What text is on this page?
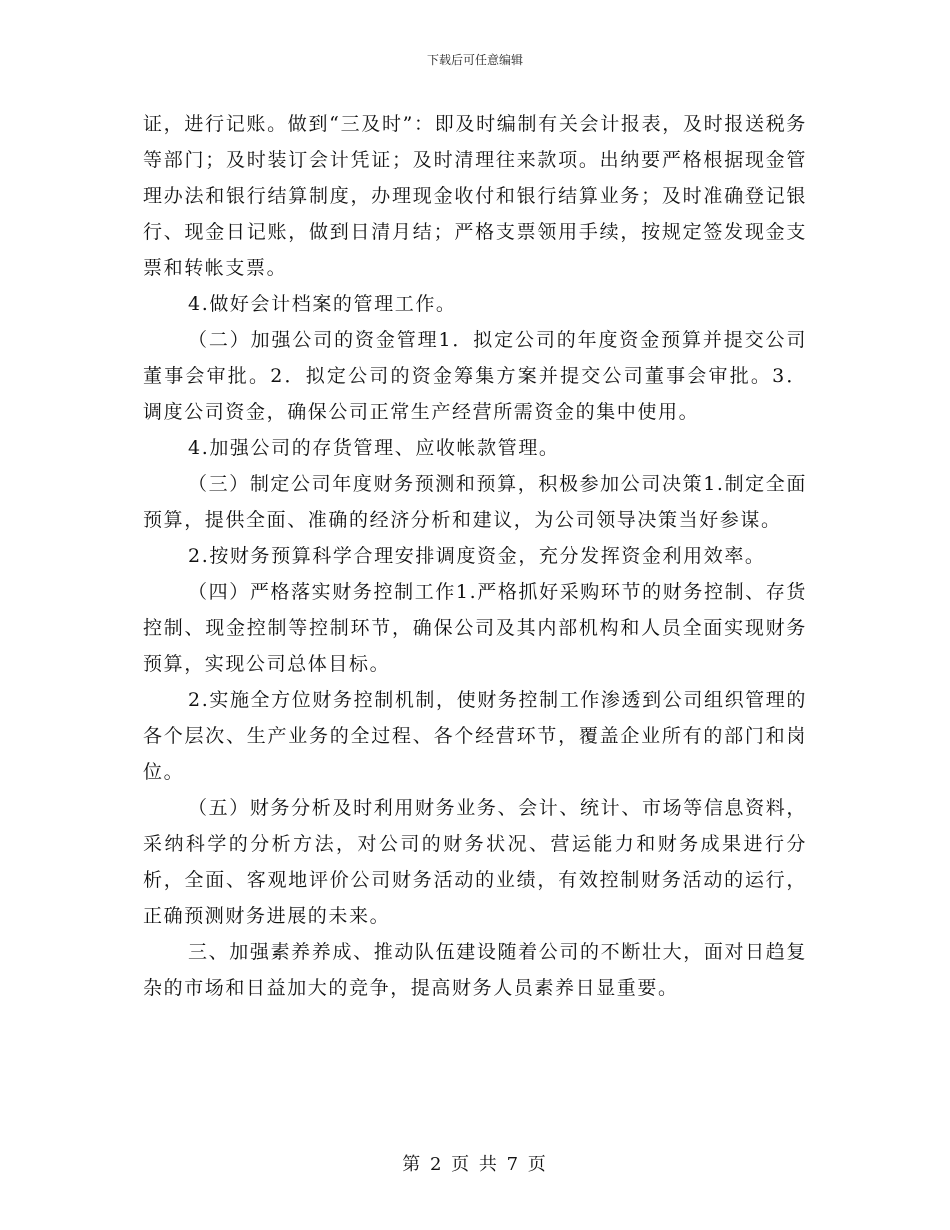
下载后可任意编辑

证，进行记账。做到“三及时”：即及时编制有关会计报表，及时报送税务等部门；及时装订会计凭证；及时清理往来款项。出纳要严格根据现金管理办法和银行结算制度，办理现金收付和银行结算业务；及时准确登记银行、现金日记账，做到日清月结；严格支票领用手续，按规定签发现金支票和转帐支票。

4.做好会计档案的管理工作。

（二）加强公司的资金管理1．拟定公司的年度资金预算并提交公司董事会审批。2．拟定公司的资金筹集方案并提交公司董事会审批。3．调度公司资金，确保公司正常生产经营所需资金的集中使用。

4.加强公司的存货管理、应收帐款管理。

（三）制定公司年度财务预测和预算，积极参加公司决策1.制定全面预算，提供全面、准确的经济分析和建议，为公司领导决策当好参谋。

2.按财务预算科学合理安排调度资金，充分发挥资金利用效率。

（四）严格落实财务控制工作1.严格抓好采购环节的财务控制、存货控制、现金控制等控制环节，确保公司及其内部机构和人员全面实现财务预算，实现公司总体目标。

2.实施全方位财务控制机制，使财务控制工作渗透到公司组织管理的各个层次、生产业务的全过程、各个经营环节，覆盖企业所有的部门和岗位。

（五）财务分析及时利用财务业务、会计、统计、市场等信息资料，采纳科学的分析方法，对公司的财务状况、营运能力和财务成果进行分析，全面、客观地评价公司财务活动的业绩，有效控制财务活动的运行，正确预测财务进展的未来。

三、加强素养养成、推动队伍建设随着公司的不断壮大，面对日趋复杂的市场和日益加大的竞争，提高财务人员素养日显重要。

第 2 页 共 7 页
